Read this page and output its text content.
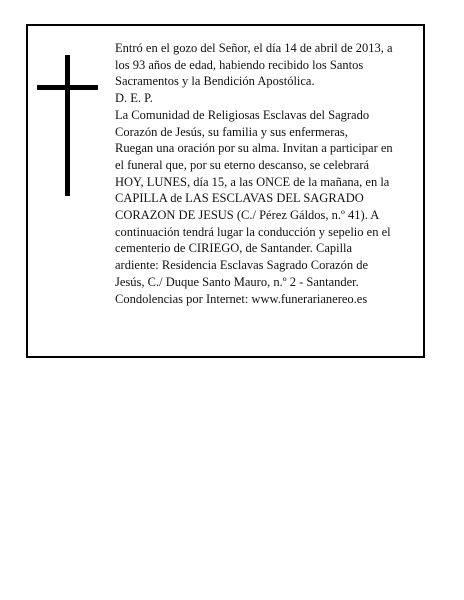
Entró en el gozo del Señor, el día 14 de abril de 2013, a
los 93 años de edad, habiendo recibido los Santos
Sacramentos y la Bendición Apostólica.
D. E. P.
La Comunidad de Religiosas Esclavas del Sagrado
Corazón de Jesús, su familia y sus enfermeras,
Ruegan una oración por su alma. Invitan a participar en
el funeral que, por su eterno descanso, se celebrará
HOY, LUNES, día 15, a las ONCE de la mañana, en la
CAPILLA de LAS ESCLAVAS DEL SAGRADO
CORAZON DE JESUS (C./ Pérez Gáldos, n.º 41). A
continuación tendrá lugar la conducción y sepelio en el
cementerio de CIRIEGO, de Santander. Capilla
ardiente: Residencia Esclavas Sagrado Corazón de
Jesús, C./ Duque Santo Mauro, n.º 2 - Santander.
Condolencias por Internet: www.funerarianereo.es
